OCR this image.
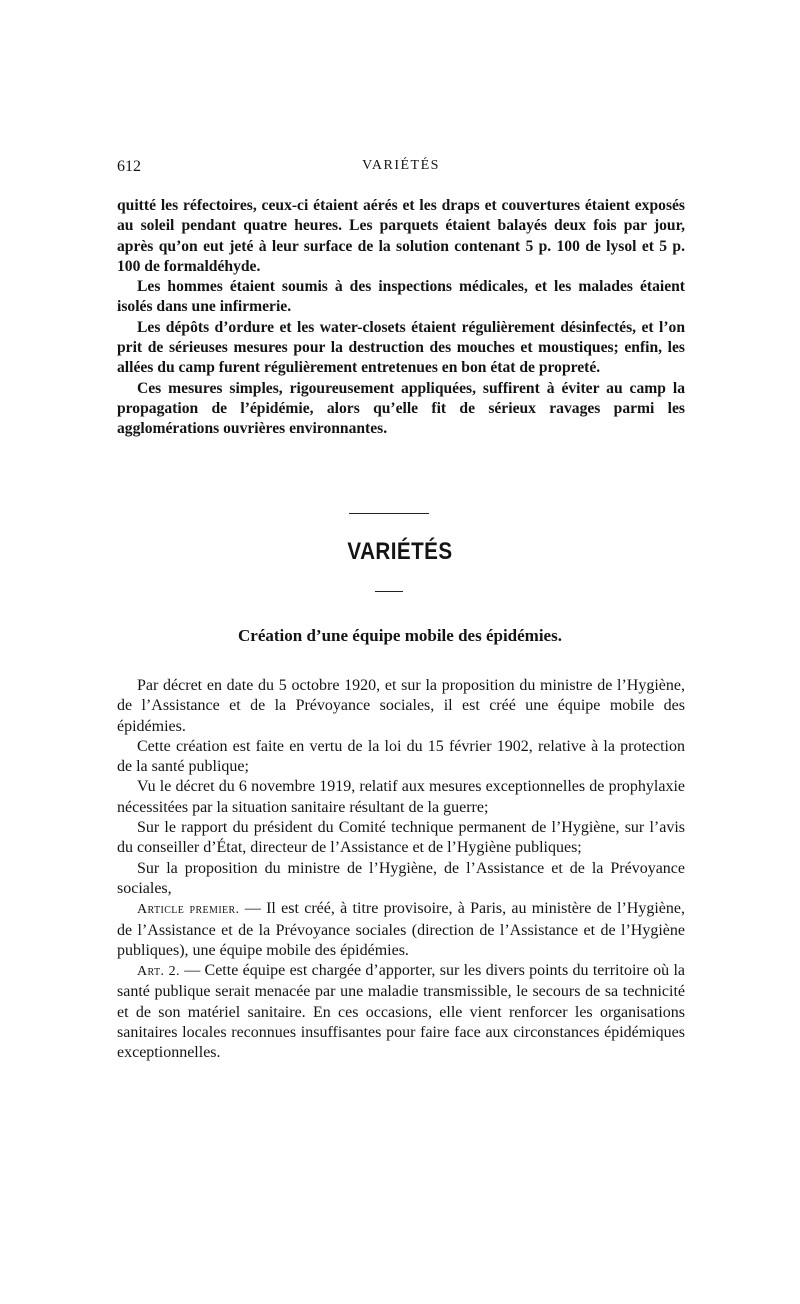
612	VARIÉTÉS

quitté les réfectoires, ceux-ci étaient aérés et les draps et couvertures étaient exposés au soleil pendant quatre heures. Les parquets étaient balayés deux fois par jour, après qu’on eut jeté à leur surface de la solution contenant 5 p. 100 de lysol et 5 p. 100 de formaldéhyde.

Les hommes étaient soumis à des inspections médicales, et les malades étaient isolés dans une infirmerie.

Les dépôts d’ordure et les water-closets étaient régulièrement désinfectés, et l’on prit de sérieuses mesures pour la destruction des mouches et moustiques; enfin, les allées du camp furent régulièrement entretenues en bon état de propreté.

Ces mesures simples, rigoureusement appliquées, suffirent à éviter au camp la propagation de l’épidémie, alors qu’elle fit de sérieux ravages parmi les agglomérations ouvrières environnantes.

VARIÉTÉS
Création d’une équipe mobile des épidémies.

Par décret en date du 5 octobre 1920, et sur la proposition du ministre de l’Hygiène, de l’Assistance et de la Prévoyance sociales, il est créé une équipe mobile des épidémies.

Cette création est faite en vertu de la loi du 15 février 1902, relative à la protection de la santé publique;

Vu le décret du 6 novembre 1919, relatif aux mesures exceptionnelles de prophylaxie nécessitées par la situation sanitaire résultant de la guerre;

Sur le rapport du président du Comité technique permanent de l’Hygiène, sur l’avis du conseiller d’État, directeur de l’Assistance et de l’Hygiène publiques;

Sur la proposition du ministre de l’Hygiène, de l’Assistance et de la Prévoyance sociales,

Article premier. — Il est créé, à titre provisoire, à Paris, au ministère de l’Hygiène, de l’Assistance et de la Prévoyance sociales (direction de l’Assistance et de l’Hygiène publiques), une équipe mobile des épidémies.

Art. 2. — Cette équipe est chargée d’apporter, sur les divers points du territoire où la santé publique serait menacée par une maladie transmissible, le secours de sa technicité et de son matériel sanitaire. En ces occasions, elle vient renforcer les organisations sanitaires locales reconnues insuffisantes pour faire face aux circonstances épidémiques exceptionnelles.
